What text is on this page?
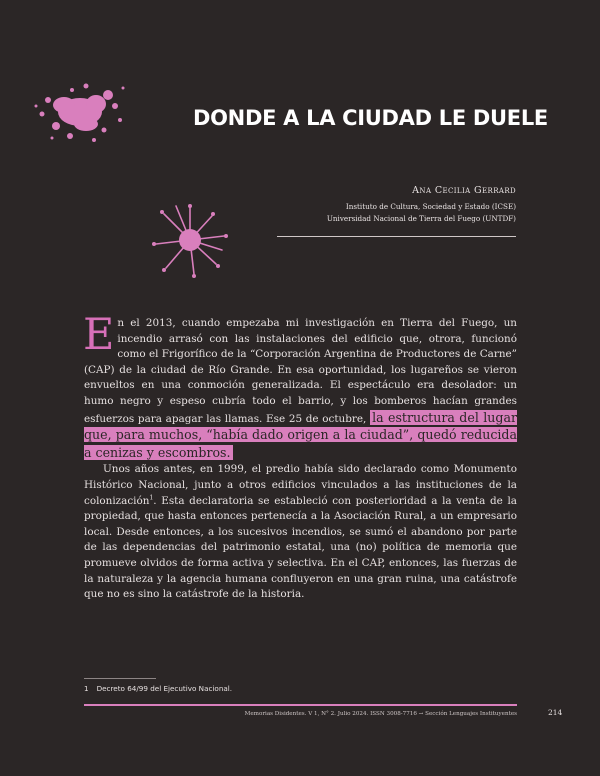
DONDE A LA CIUDAD LE DUELE
Ana Cecilia Gerrard
Instituto de Cultura, Sociedad y Estado (ICSE)
Universidad Nacional de Tierra del Fuego (UNTDF)

En el 2013, cuando empezaba mi investigación en Tierra del Fuego, un incendio arrasó con las instalaciones del edificio que, otrora, funcionó como el Frigorífico de la “Corporación Argentina de Productores de Carne” (CAP) de la ciudad de Río Grande. En esa oportunidad, los lugareños se vieron envueltos en una conmoción generalizada. El espectáculo era desolador: un humo negro y espeso cubría todo el barrio, y los bomberos hacían grandes esfuerzos para apagar las llamas. Ese 25 de octubre, la estructura del lugar que, para muchos, “había dado origen a la ciudad”, quedó reducida a cenizas y escombros.

Unos años antes, en 1999, el predio había sido declarado como Monumento Histórico Nacional, junto a otros edificios vinculados a las instituciones de la colonización$^1$. Esta declaratoria se estableció con posterioridad a la venta de la propiedad, que hasta entonces pertenecía a la Asociación Rural, a un empresario local. Desde entonces, a los sucesivos incendios, se sumó el abandono por parte de las dependencias del patrimonio estatal, una (no) política de memoria que promueve olvidos de forma activa y selectiva. En el CAP, entonces, las fuerzas de la naturaleza y la agencia humana confluyeron en una gran ruina, una catástrofe que no es sino la catástrofe de la historia.

1 Decreto 64/99 del Ejecutivo Nacional.
Memorias Disidentes. V 1, N° 2. Julio 2024. ISSN 3008-7716 → Sección Lenguajes Instituyentes	214
